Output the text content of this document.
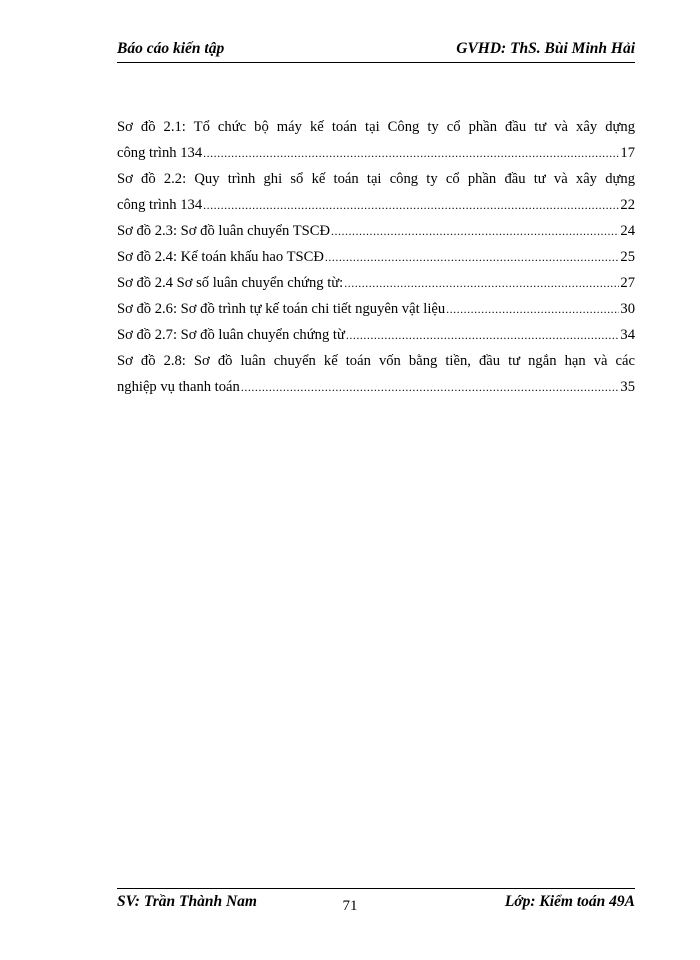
Báo cáo kiến tập	GVHD: ThS. Bùi Minh Hải
Sơ đồ 2.1: Tổ chức bộ máy kế toán tại Công ty cổ phần đầu tư và xây dựng
công trình 134 .....	17
Sơ đồ 2.2: Quy trình ghi sổ kế toán tại công ty cổ phần đầu tư và xây dựng
công trình 134 .....	22
Sơ đồ 2.3: Sơ đồ luân chuyển TSCĐ .....	24
Sơ đồ 2.4: Kế toán khấu hao TSCĐ .....	25
Sơ đồ 2.4 Sơ số luân chuyển chứng từ: .....	27
Sơ đồ 2.6: Sơ đồ trình tự kế toán chi tiết nguyên vật liệu .....	30
Sơ đồ 2.7: Sơ đồ luân chuyển chứng từ .....	34
Sơ đồ 2.8: Sơ đồ luân chuyển kế toán vốn bằng tiền, đầu tư ngắn hạn và các
nghiệp vụ thanh toán .....	35
SV: Trần Thành Nam	Lớp: Kiểm toán 49A
71
